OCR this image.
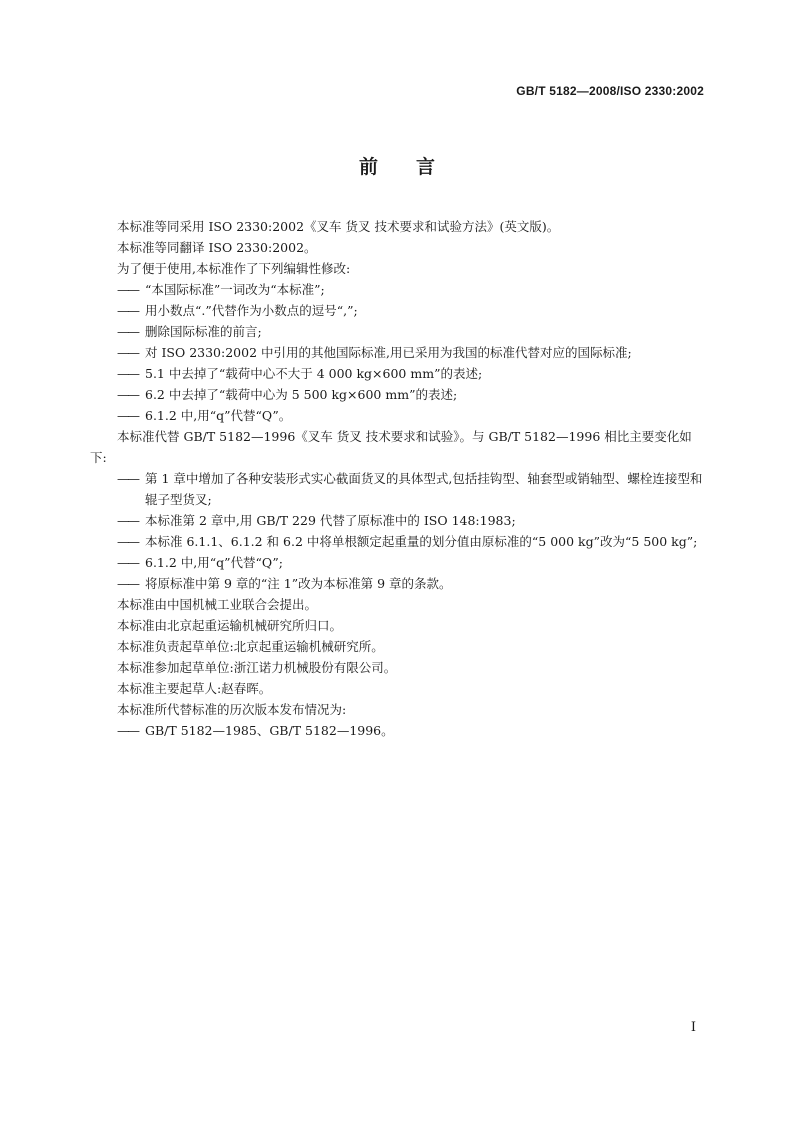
GB/T 5182—2008/ISO 2330:2002
前言

本标准等同采用 ISO 2330:2002《叉车 货叉 技术要求和试验方法》(英文版)。

本标准等同翻译 ISO 2330:2002。

为了便于使用,本标准作了下列编辑性修改:

—— “本国际标准”一词改为“本标准”;

—— 用小数点“.”代替作为小数点的逗号“,”;

—— 删除国际标准的前言;

—— 对 ISO 2330:2002 中引用的其他国际标准,用已采用为我国的标准代替对应的国际标准;

—— 5.1 中去掉了“载荷中心不大于 4 000 kg×600 mm”的表述;

—— 6.2 中去掉了“载荷中心为 5 500 kg×600 mm”的表述;

—— 6.1.2 中,用“q”代替“Q”。

本标准代替 GB/T 5182—1996《叉车 货叉 技术要求和试验》。与 GB/T 5182—1996 相比主要变化如下:

—— 第 1 章中增加了各种安装形式实心截面货叉的具体型式,包括挂钩型、轴套型或销轴型、螺栓连接型和辊子型货叉;

—— 本标准第 2 章中,用 GB/T 229 代替了原标准中的 ISO 148:1983;

—— 本标准 6.1.1、6.1.2 和 6.2 中将单根额定起重量的划分值由原标准的“5 000 kg”改为“5 500 kg”;

—— 6.1.2 中,用“q”代替“Q”;

—— 将原标准中第 9 章的“注 1”改为本标准第 9 章的条款。

本标准由中国机械工业联合会提出。

本标准由北京起重运输机械研究所归口。

本标准负责起草单位:北京起重运输机械研究所。

本标准参加起草单位:浙江诺力机械股份有限公司。

本标准主要起草人:赵春晖。

本标准所代替标准的历次版本发布情况为:

—— GB/T 5182—1985、GB/T 5182—1996。

I
